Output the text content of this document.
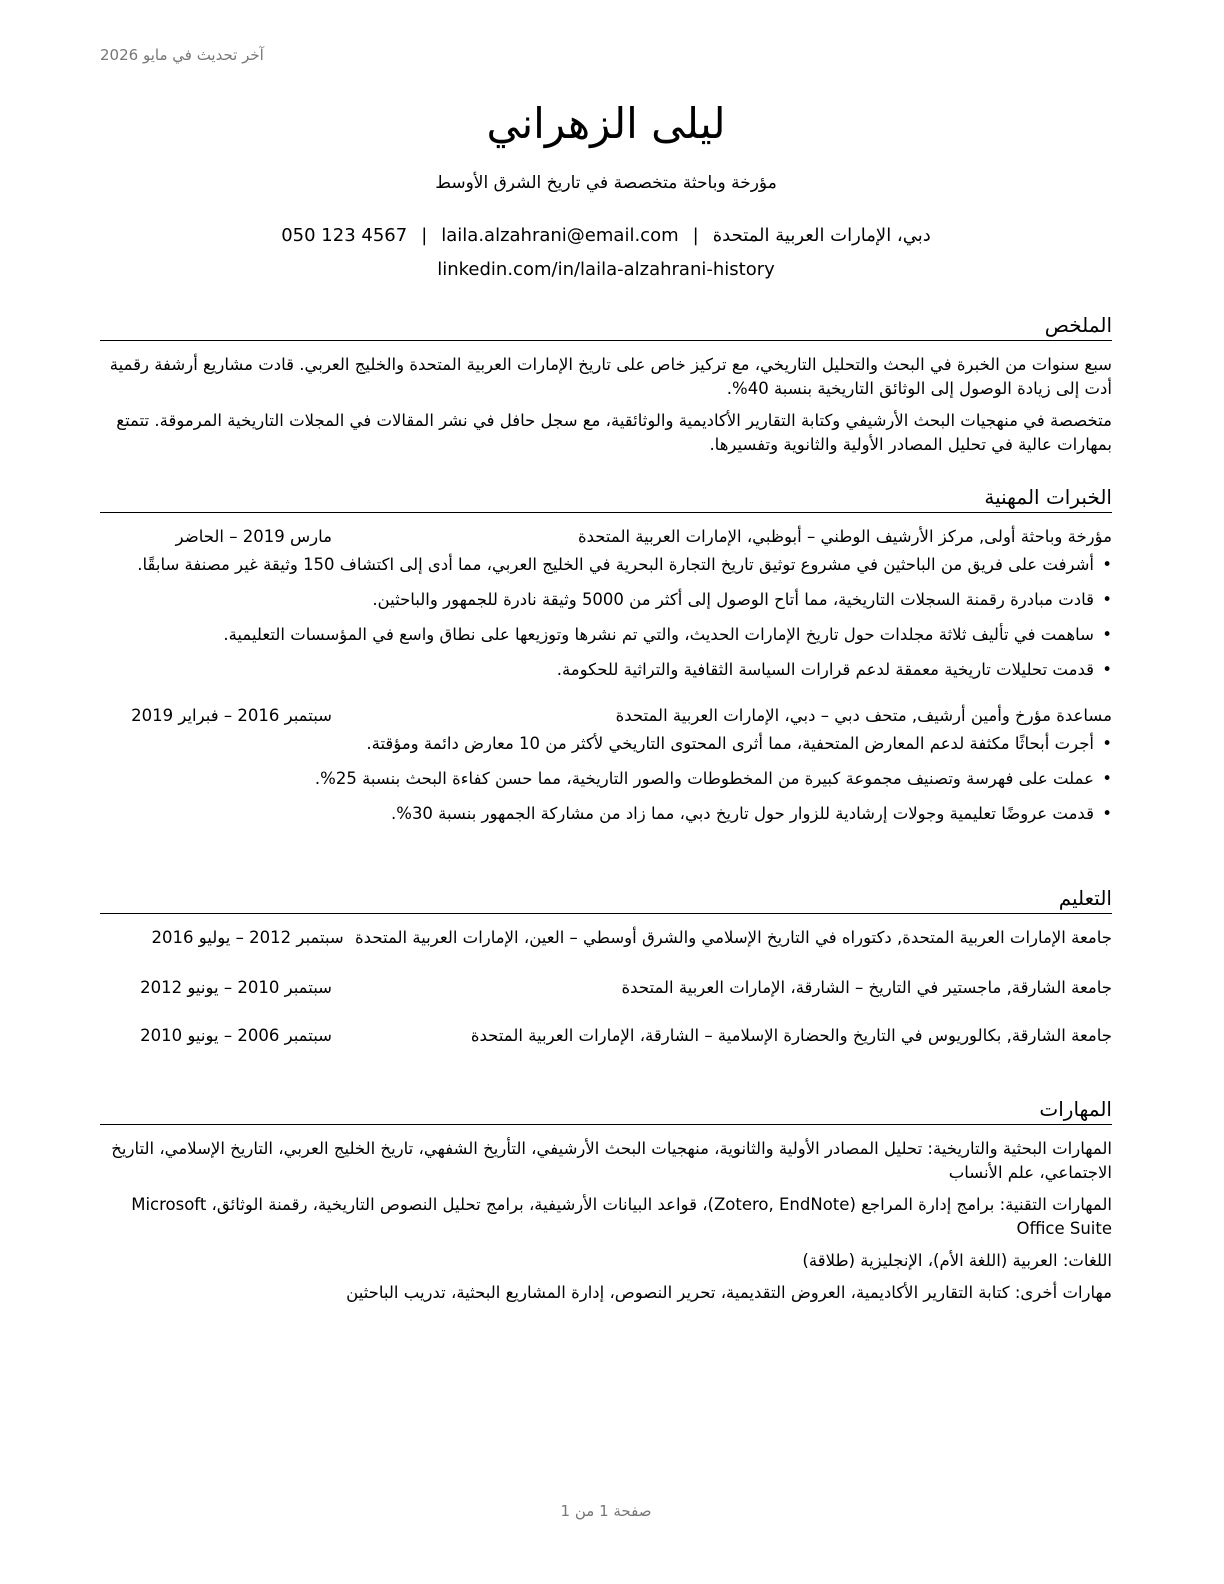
آخر تحديث في مايو 2026
ليلى الزهراني
مؤرخة وباحثة متخصصة في تاريخ الشرق الأوسط
دبي، الإمارات العربية المتحدة|laila.alzahrani@email.com|050 123 4567
linkedin.com/in/laila-alzahrani-history
الملخص

سبع سنوات من الخبرة في البحث والتحليل التاريخي، مع تركيز خاص على تاريخ الإمارات العربية المتحدة والخليج العربي. قادت مشاريع أرشفة رقمية أدت إلى زيادة الوصول إلى الوثائق التاريخية بنسبة 40%.

متخصصة في منهجيات البحث الأرشيفي وكتابة التقارير الأكاديمية والوثائقية، مع سجل حافل في نشر المقالات في المجلات التاريخية المرموقة. تتمتع بمهارات عالية في تحليل المصادر الأولية والثانوية وتفسيرها.

الخبرات المهنية
مؤرخة وباحثة أولى, مركز الأرشيف الوطني – أبوظبي، الإمارات العربية المتحدة
مارس 2019 – الحاضر
•
أشرفت على فريق من الباحثين في مشروع توثيق تاريخ التجارة البحرية في الخليج العربي، مما أدى إلى اكتشاف 150 وثيقة غير مصنفة سابقًا.
•
قادت مبادرة رقمنة السجلات التاريخية، مما أتاح الوصول إلى أكثر من 5000 وثيقة نادرة للجمهور والباحثين.
•
ساهمت في تأليف ثلاثة مجلدات حول تاريخ الإمارات الحديث، والتي تم نشرها وتوزيعها على نطاق واسع في المؤسسات التعليمية.
•
قدمت تحليلات تاريخية معمقة لدعم قرارات السياسة الثقافية والتراثية للحكومة.
مساعدة مؤرخ وأمين أرشيف, متحف دبي – دبي، الإمارات العربية المتحدة
سبتمبر 2016 – فبراير 2019
•
أجرت أبحاثًا مكثفة لدعم المعارض المتحفية، مما أثرى المحتوى التاريخي لأكثر من 10 معارض دائمة ومؤقتة.
•
عملت على فهرسة وتصنيف مجموعة كبيرة من المخطوطات والصور التاريخية، مما حسن كفاءة البحث بنسبة 25%.
•
قدمت عروضًا تعليمية وجولات إرشادية للزوار حول تاريخ دبي، مما زاد من مشاركة الجمهور بنسبة 30%.
التعليم
جامعة الإمارات العربية المتحدة, دكتوراه في التاريخ الإسلامي والشرق أوسطي – العين، الإمارات العربية المتحدة سبتمبر 2012 – يوليو 2016
جامعة الشارقة, ماجستير في التاريخ – الشارقة، الإمارات العربية المتحدة
سبتمبر 2010 – يونيو 2012
جامعة الشارقة, بكالوريوس في التاريخ والحضارة الإسلامية – الشارقة، الإمارات العربية المتحدة
سبتمبر 2006 – يونيو 2010
المهارات

المهارات البحثية والتاريخية: تحليل المصادر الأولية والثانوية، منهجيات البحث الأرشيفي، التأريخ الشفهي، تاريخ الخليج العربي، التاريخ الإسلامي، التاريخ الاجتماعي، علم الأنساب

المهارات التقنية: برامج إدارة المراجع (Zotero, EndNote)، قواعد البيانات الأرشيفية، برامج تحليل النصوص التاريخية، رقمنة الوثائق، Microsoft Office Suite

اللغات: العربية (اللغة الأم)، الإنجليزية (طلاقة)

مهارات أخرى: كتابة التقارير الأكاديمية، العروض التقديمية، تحرير النصوص، إدارة المشاريع البحثية، تدريب الباحثين

صفحة 1 من 1
